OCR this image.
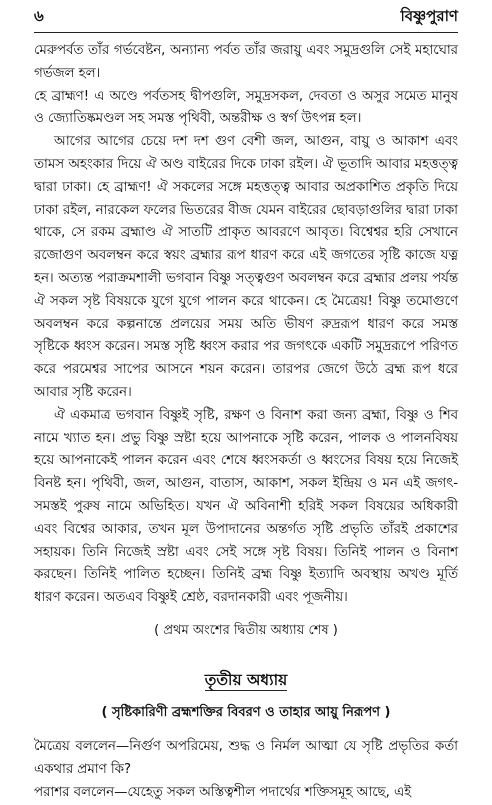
৬	বিষ্ণুপুরাণ

মেরুপর্বত তাঁর গর্ভবেষ্টন, অন্যান্য পর্বত তাঁর জরায়ু এবং সমুদ্রগুলি সেই মহাঘোর গর্ভজল হল।

হে ব্রাহ্মণ! এ অণ্ডে পর্বতসহ দ্বীপগুলি, সমুদ্রসকল, দেবতা ও অসুর সমেত মানুষ ও জ্যোতিষ্কমণ্ডল সহ সমস্ত পৃথিবী, অন্তরীক্ষ ও স্বর্গ উৎপন্ন হল।

আগের আগের চেয়ে দশ দশ গুণ বেশী জল, আগুন, বায়ু ও আকাশ এবং তামস অহংকার দিয়ে ঐ অণ্ড বাইরের দিকে ঢাকা রইল। ঐ ভূতাদি আবার মহত্তত্ত্ব দ্বারা ঢাকা। হে ব্রাহ্মণ! ঐ সকলের সঙ্গে মহত্তত্ত্ব আবার অপ্রকাশিত প্রকৃতি দিয়ে ঢাকা রইল, নারকেল ফলের ভিতরের বীজ যেমন বাইরের ছোবড়াগুলির দ্বারা ঢাকা থাকে, সে রকম ব্রহ্মাণ্ড ঐ সাতটি প্রাকৃত আবরণে আবৃত। বিশ্বেশ্বর হরি সেখানে রজোগুণ অবলম্বন করে স্বয়ং ব্রহ্মার রূপ ধারণ করে এই জগতের সৃষ্টি কাজে যত্ন হন। অত্যন্ত পরাক্রমশালী ভগবান বিষ্ণু সত্ত্বগুণ অবলম্বন করে ব্রহ্মার প্রলয় পর্যন্ত ঐ সকল সৃষ্ট বিষয়কে যুগে যুগে পালন করে থাকেন। হে মৈত্রেয়! বিষ্ণু তমোগুণে অবলম্বন করে কল্পনান্তে প্রলয়ের সময় অতি ভীষণ রুদ্ররূপ ধারণ করে সমস্ত সৃষ্টিকে ধ্বংস করেন। সমস্ত সৃষ্টি ধ্বংস করার পর জগৎকে একটি সমুদ্ররূপে পরিণত করে পরমেশ্বর সাপের আসনে শয়ন করেন। তারপর জেগে উঠে ব্রহ্ম রূপ ধরে আবার সৃষ্টি করেন।

ঐ একমাত্র ভগবান বিষ্ণুই সৃষ্টি, রক্ষণ ও বিনাশ করা জন্য ব্রহ্মা, বিষ্ণু ও শিব নামে খ্যাত হন। প্রভু বিষ্ণু স্রষ্টা হয়ে আপনাকে সৃষ্টি করেন, পালক ও পালনবিষয় হয়ে আপনাকেই পালন করেন এবং শেষে ধ্বংসকর্তা ও ধ্বংসের বিষয় হয়ে নিজেই বিনষ্ট হন। পৃথিবী, জল, আগুন, বাতাস, আকাশ, সকল ইন্দ্রিয় ও মন এই জগৎ-সমস্তই পুরুষ নামে অভিহিত। যখন ঐ অবিনাশী হরিই সকল বিষয়ের অধিকারী এবং বিশ্বের আকার, তখন মূল উপাদানের অন্তর্গত সৃষ্টি প্রভৃতি তাঁরই প্রকাশের সহায়ক। তিনি নিজেই স্রষ্টা এবং সেই সঙ্গে সৃষ্ট বিষয়। তিনিই পালন ও বিনাশ করছেন। তিনিই পালিত হচ্ছেন। তিনিই ব্রহ্ম বিষ্ণু ইত্যাদি অবস্থায় অখণ্ড মূর্তি ধারণ করেন। অতএব বিষ্ণুই শ্রেষ্ঠ, বরদানকারী এবং পূজনীয়।

( প্রথম অংশের দ্বিতীয় অধ্যায় শেষ )
তৃতীয় অধ্যায়
( সৃষ্টিকারিণী ব্রহ্মশক্তির বিবরণ ও তাহার আয়ু নিরূপণ )

মৈত্রেয় বললেন—নির্গুণ অপরিমেয়, শুদ্ধ ও নির্মল আত্মা যে সৃষ্টি প্রভৃতির কর্তা একথার প্রমাণ কি?

পরাশর বললেন—যেহেতু সকল অস্তিত্বশীল পদার্থের শক্তিসমূহ আছে, এই
